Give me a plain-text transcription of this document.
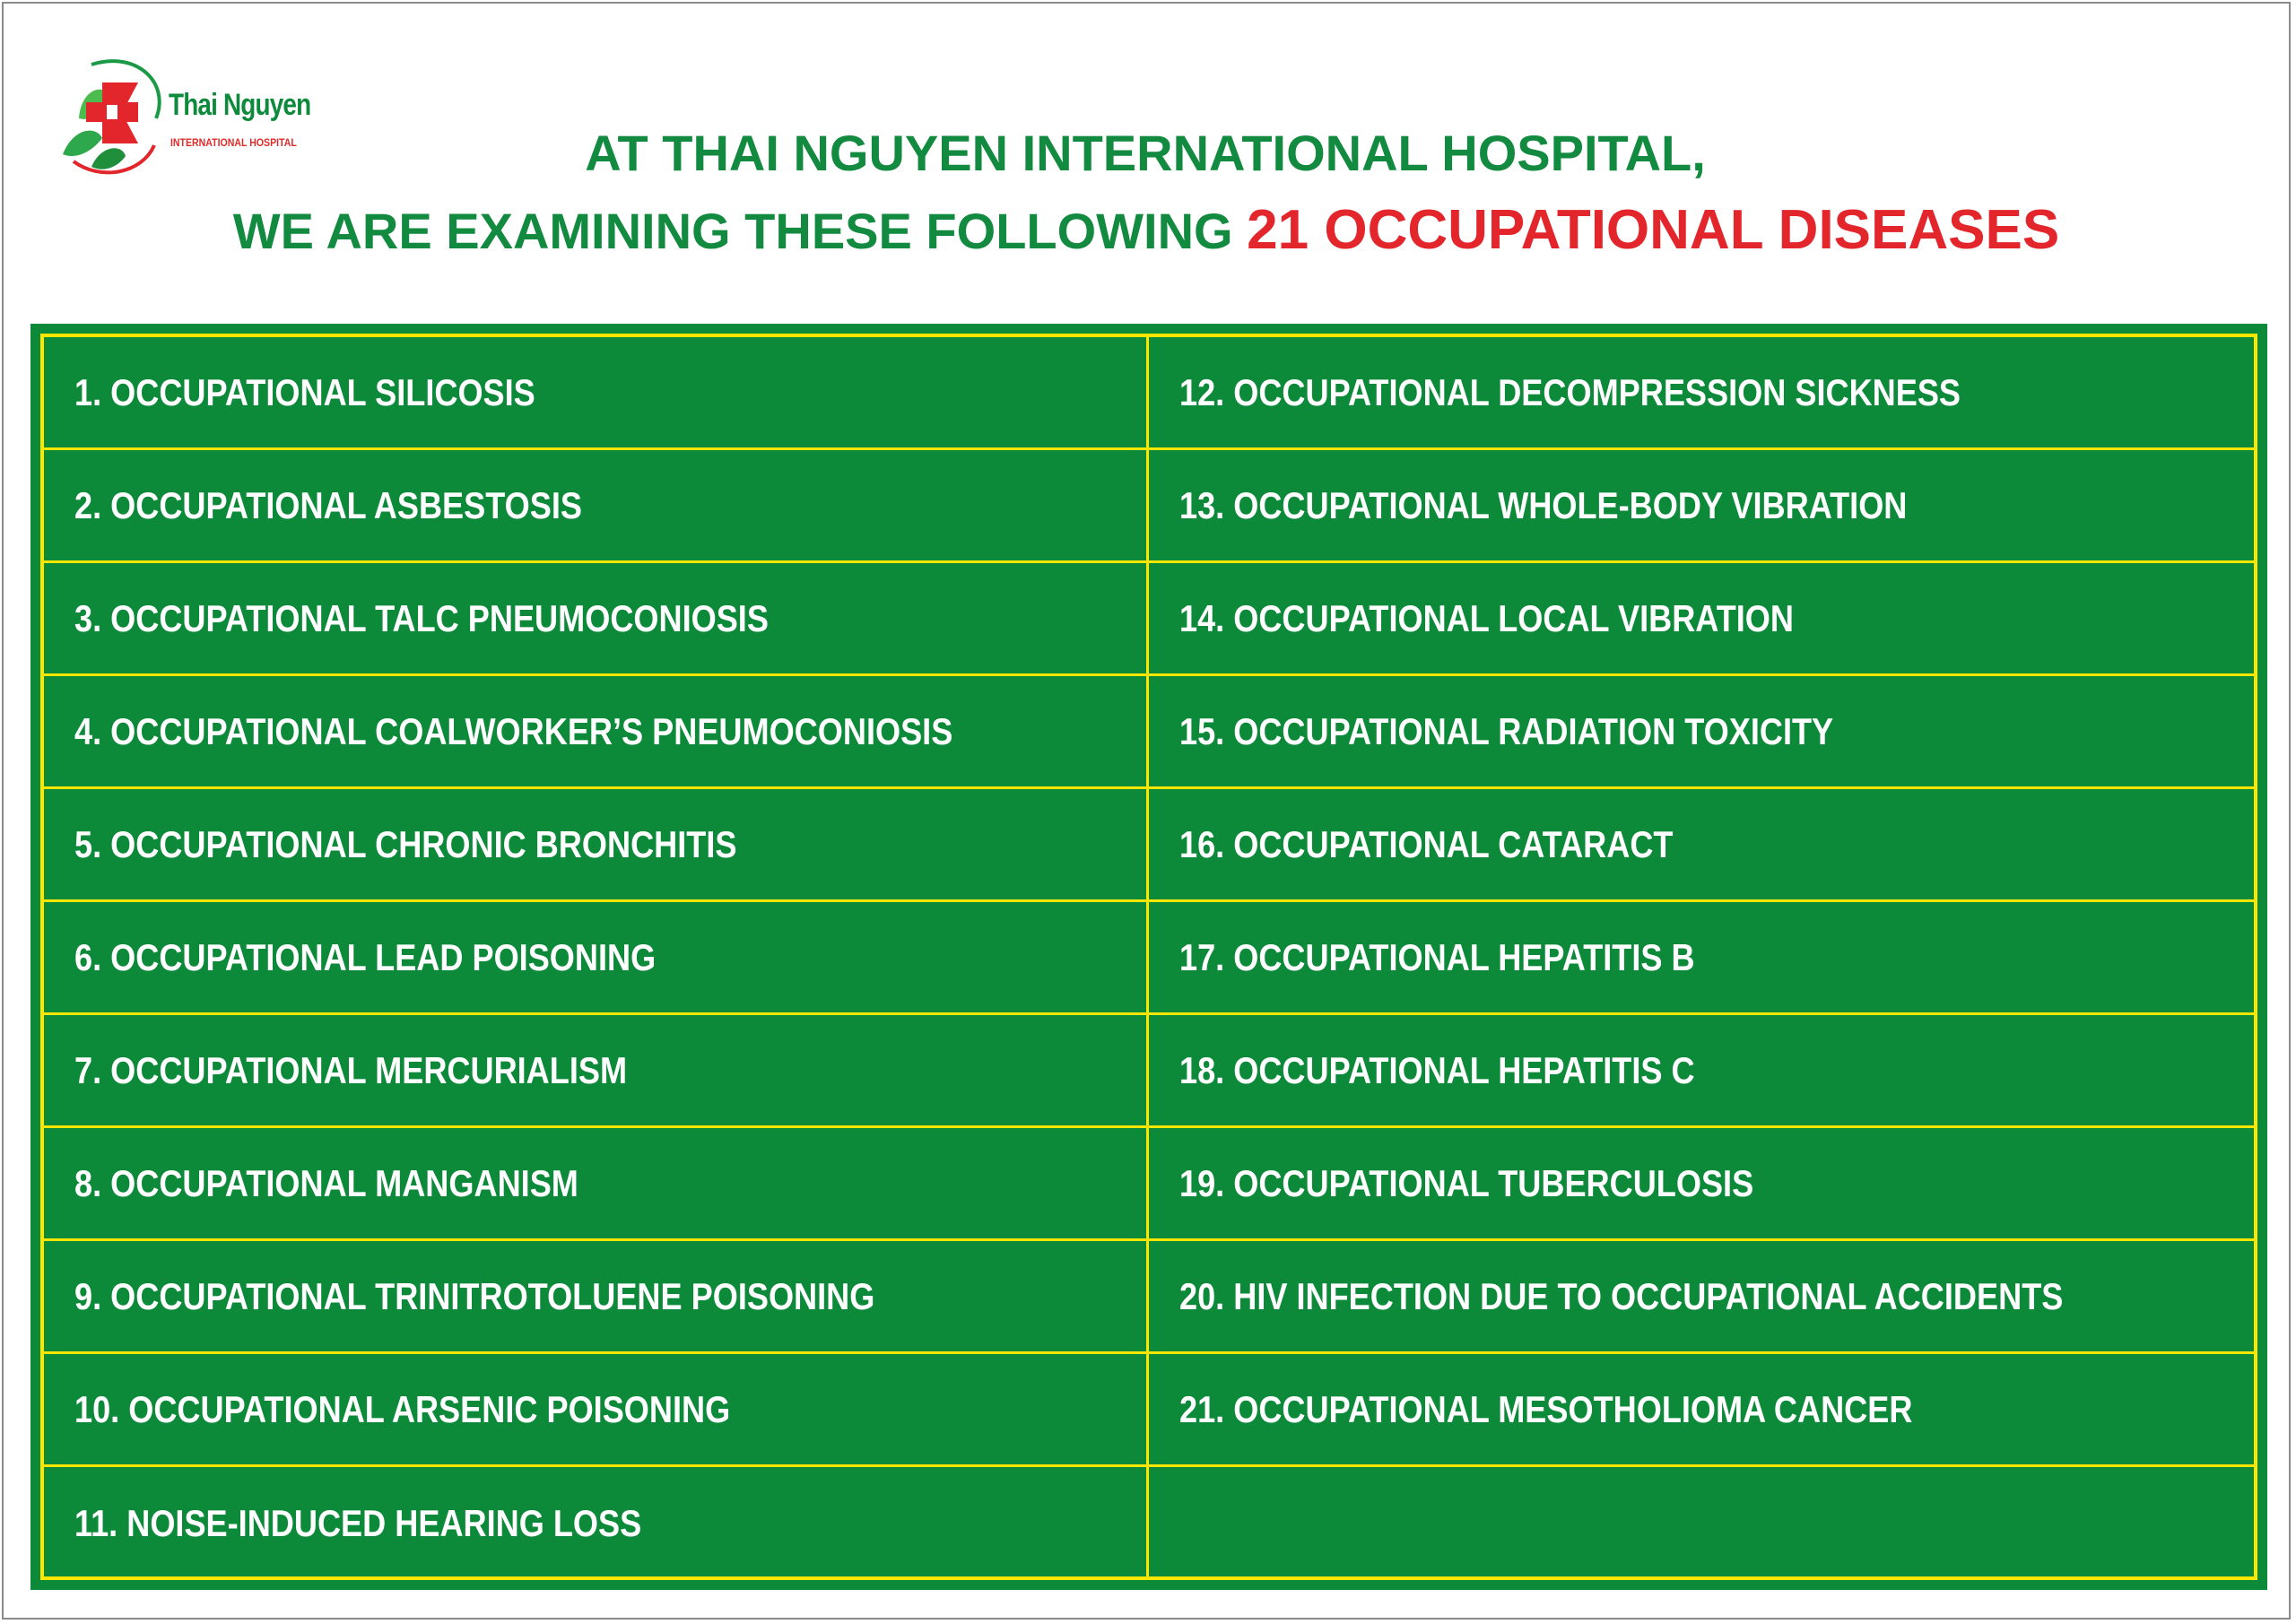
Thai Nguyen
INTERNATIONAL HOSPITAL	AT THAI NGUYEN INTERNATIONAL HOSPITAL,
WE ARE EXAMINING THESE FOLLOWING 21 OCCUPATIONAL DISEASES
1. OCCUPATIONAL SILICOSIS	12. OCCUPATIONAL DECOMPRESSION SICKNESS
2. OCCUPATIONAL ASBESTOSIS	13. OCCUPATIONAL WHOLE-BODY VIBRATION
3. OCCUPATIONAL TALC PNEUMOCONIOSIS	14. OCCUPATIONAL LOCAL VIBRATION
4. OCCUPATIONAL COALWORKER’S PNEUMOCONIOSIS	15. OCCUPATIONAL RADIATION TOXICITY
5. OCCUPATIONAL CHRONIC BRONCHITIS	16. OCCUPATIONAL CATARACT
6. OCCUPATIONAL LEAD POISONING	17. OCCUPATIONAL HEPATITIS B
7. OCCUPATIONAL MERCURIALISM	18. OCCUPATIONAL HEPATITIS C
8. OCCUPATIONAL MANGANISM	19. OCCUPATIONAL TUBERCULOSIS
9. OCCUPATIONAL TRINITROTOLUENE POISONING	20. HIV INFECTION DUE TO OCCUPATIONAL ACCIDENTS
10. OCCUPATIONAL ARSENIC POISONING	21. OCCUPATIONAL MESOTHOLIOMA CANCER
11. NOISE-INDUCED HEARING LOSS
